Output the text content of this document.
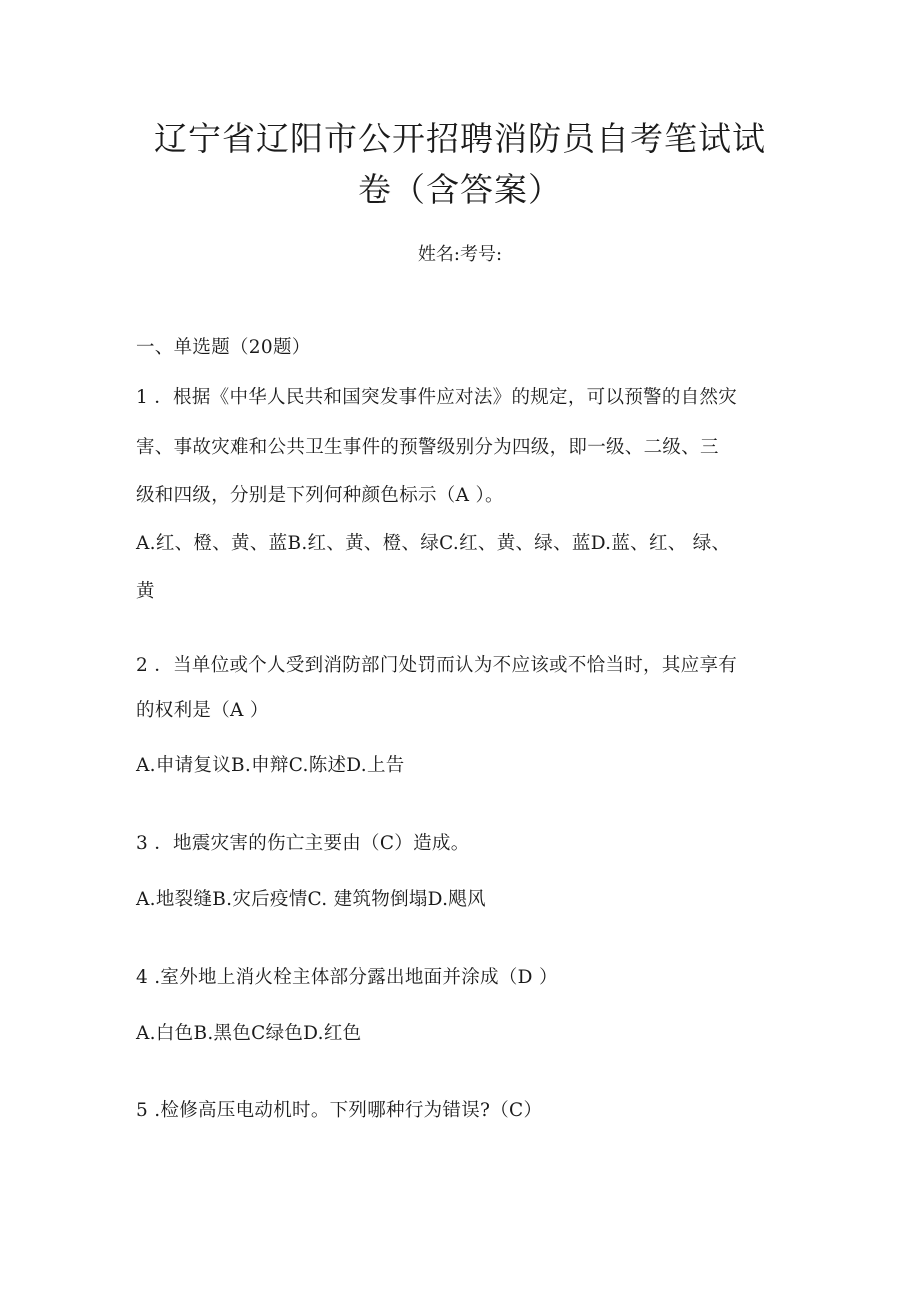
辽宁省辽阳市公开招聘消防员自考笔试试
卷（含答案）
姓名:考号:
一、单选题（20题）
1 ．根据《中华人民共和国突发事件应对法》的规定，可以预警的自然灾
害、事故灾难和公共卫生事件的预警级别分为四级，即一级、二级、三
级和四级，分别是下列何种颜色标示（A ）。
A.红、橙、黄、蓝B.红、黄、橙、绿C.红、黄、绿、蓝D.蓝、红、 绿、
黄
2 ．当单位或个人受到消防部门处罚而认为不应该或不恰当时，其应享有
的权利是（A ）
A.申请复议B.申辩C.陈述D.上告
3 ．地震灾害的伤亡主要由（C）造成。
A.地裂缝B.灾后疫情C. 建筑物倒塌D.飓风
4 .室外地上消火栓主体部分露出地面并涂成（D ）
A.白色B.黑色C绿色D.红色
5 .检修高压电动机时。下列哪种行为错误?（C）
